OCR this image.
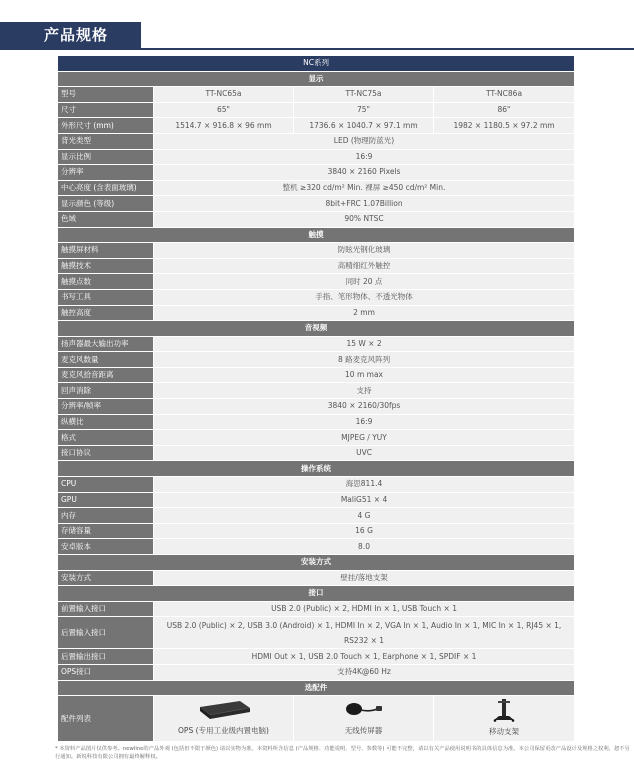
产品规格
NC系列			
显示			
型号	TT-NC65a	TT-NC75a	TT-NC86a
尺寸	65"	75"	86"
外形尺寸 (mm)	1514.7 × 916.8 × 96 mm	1736.6 × 1040.7 × 97.1 mm	1982 × 1180.5 × 97.2 mm
背光类型	LED (物理防蓝光)		
显示比例	16:9		
分辨率	3840 × 2160 Pixels		
中心亮度 (含表面玻璃)	整机 ≥320 cd/m² Min. 裸屏 ≥450 cd/m² Min.		
显示颜色 (等级)	8bit+FRC 1.07Billion		
色域	90% NTSC		
触摸			
触摸屏材料	防眩光钢化玻璃		
触摸技术	高精细红外触控		
触摸点数	同时 20 点		
书写工具	手指、笔形物体、不透光物体		
触控高度	2 mm		
音视频			
扬声器最大输出功率	15 W × 2		
麦克风数量	8 路麦克风阵列		
麦克风拾音距离	10 m max		
回声消除	支持		
分辨率/帧率	3840 × 2160/30fps		
纵横比	16:9		
格式	MJPEG / YUY		
接口协议	UVC		
操作系统			
CPU	海思811.4		
GPU	MaliG51 × 4		
内存	4 G		
存储容量	16 G		
安卓版本	8.0		
安装方式			
安装方式	壁挂/落地支架		
接口			
前置输入接口	USB 2.0 (Public) × 2, HDMI In × 1, USB Touch × 1		
后置输入接口	USB 2.0 (Public) × 2, USB 3.0 (Android) × 1, HDMI In × 2, VGA In × 1, Audio In × 1, MIC In × 1, RJ45 × 1, RS232 × 1		
后置输出接口	HDMI Out × 1, USB 2.0 Touch × 1, Earphone × 1, SPDIF × 1		
OPS接口	支持4K@60 Hz		
选配件			
配件列表	OPS (专用工业级内置电脑)	无线传屏器	移动支架
* 本资料产品图片仅供参考。newline的产品外观 (包括但不限于颜色) 请以实物为准。本资料所含信息 (产品规格、功能说明、型号、参数等) 可能不完整，请以有关产品使用说明书的具体信息为准。本公司保留更改产品设计及规格之权利，恕不另行通知。新锐科技有限公司拥有最终解释权。
